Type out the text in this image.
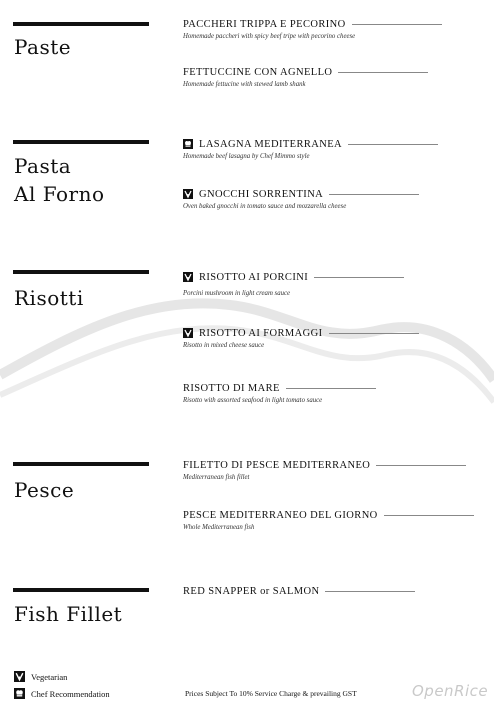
Paste
Pasta
Al Forno
Risotti
Pesce
Fish Fillet
PACCHERI TRIPPA E PECORINO
Homemade paccheri with spicy beef tripe with pecorino cheese
FETTUCCINE CON AGNELLO
Homemade fettucine with stewed lamb shank
LASAGNA MEDITERRANEA
Homemade beef lasagna by Chef Mimmo style
GNOCCHI SORRENTINA
Oven baked gnocchi in tomato sauce and mozzarella cheese
RISOTTO AI PORCINI
Porcini mushroom in light cream sauce
RISOTTO AI FORMAGGI
Risotto in mixed cheese sauce
RISOTTO DI MARE
Risotto with assorted seafood in light tomato sauce
FILETTO DI PESCE MEDITERRANEO
Mediterranean fish fillet
PESCE MEDITERRANEO DEL GIORNO
Whole Mediterranean fish
RED SNAPPER or SALMON
Vegetarian
Chef Recommendation	Prices Subject To 10% Service Charge & prevailing GST	OpenRice
